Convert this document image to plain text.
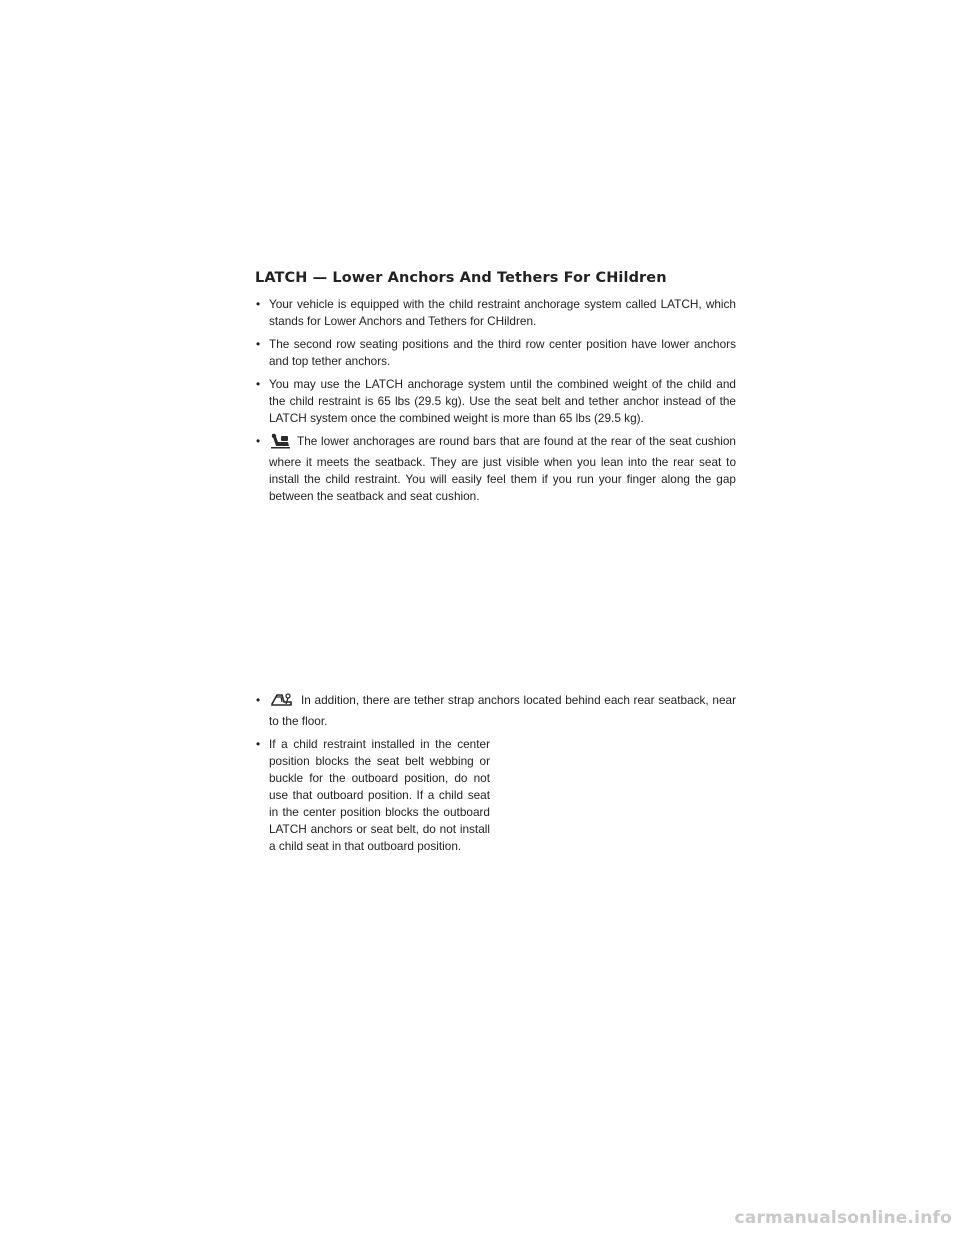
LATCH — Lower Anchors And Tethers For CHildren
• Your vehicle is equipped with the child restraint anchorage system called LATCH, which stands for Lower Anchors and Tethers for CHildren.
• The second row seating positions and the third row center position have lower anchors and top tether anchors.
• You may use the LATCH anchorage system until the combined weight of the child and the child restraint is 65 lbs (29.5 kg). Use the seat belt and tether anchor instead of the LATCH system once the combined weight is more than 65 lbs (29.5 kg).
• The lower anchorages are round bars that are found at the rear of the seat cushion where it meets the seatback. They are just visible when you lean into the rear seat to install the child restraint. You will easily feel them if you run your finger along the gap between the seatback and seat cushion.
• In addition, there are tether strap anchors located behind each rear seatback, near to the floor.
• If a child restraint installed in the center position blocks the seat belt webbing or buckle for the outboard position, do not use that outboard position. If a child seat in the center position blocks the outboard LATCH anchors or seat belt, do not install a child seat in that outboard position.
carmanualsonline.info
